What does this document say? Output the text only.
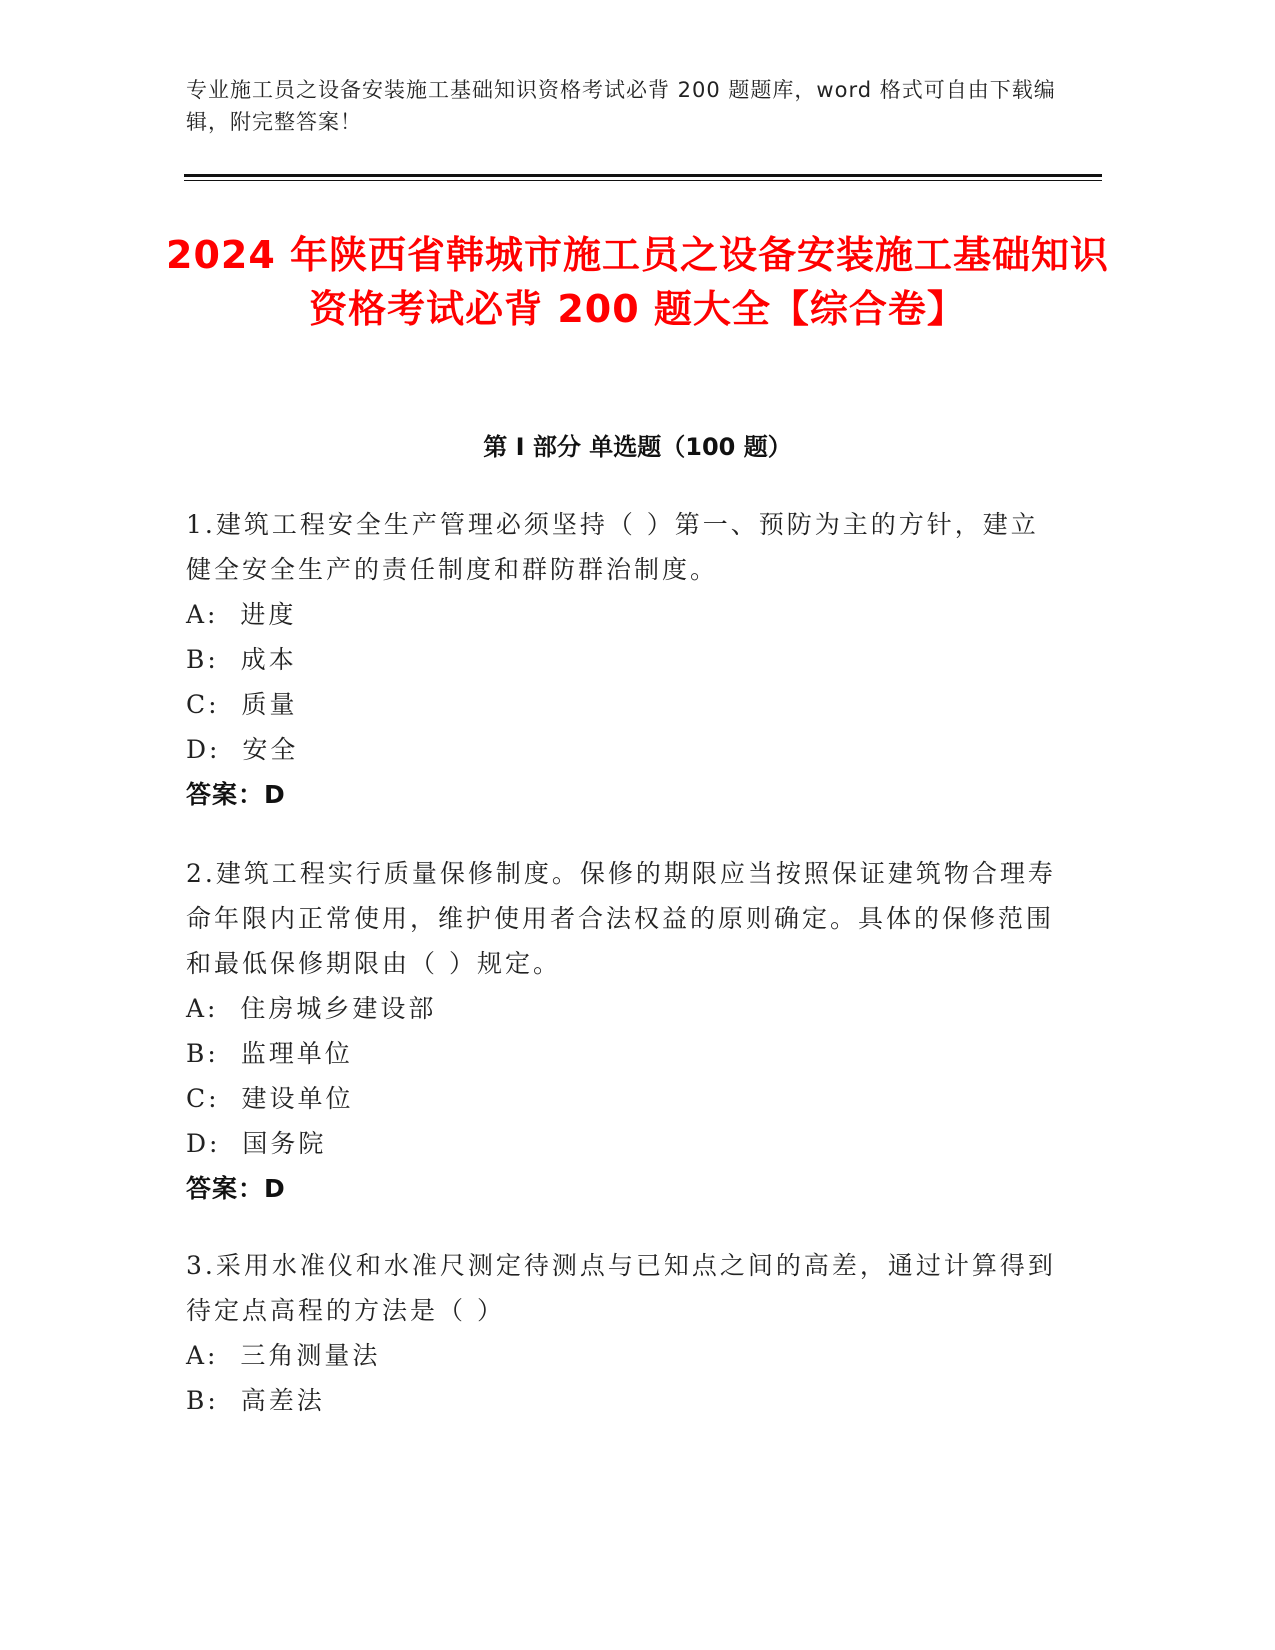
专业施工员之设备安装施工基础知识资格考试必背 200 题题库，word 格式可自由下载编辑，附完整答案！
2024 年陕西省韩城市施工员之设备安装施工基础知识资格考试必背 200 题大全【综合卷】
第 I 部分 单选题（100 题）
1.建筑工程安全生产管理必须坚持（ ）第一、预防为主的方针，建立健全安全生产的责任制度和群防群治制度。
A:  进度
B:  成本
C:  质量
D:  安全
答案：D
2.建筑工程实行质量保修制度。保修的期限应当按照保证建筑物合理寿命年限内正常使用，维护使用者合法权益的原则确定。具体的保修范围和最低保修期限由（ ）规定。
A:  住房城乡建设部
B:  监理单位
C:  建设单位
D:  国务院
答案：D
3.采用水准仪和水准尺测定待测点与已知点之间的高差，通过计算得到待定点高程的方法是（ ）
A:  三角测量法
B:  高差法
